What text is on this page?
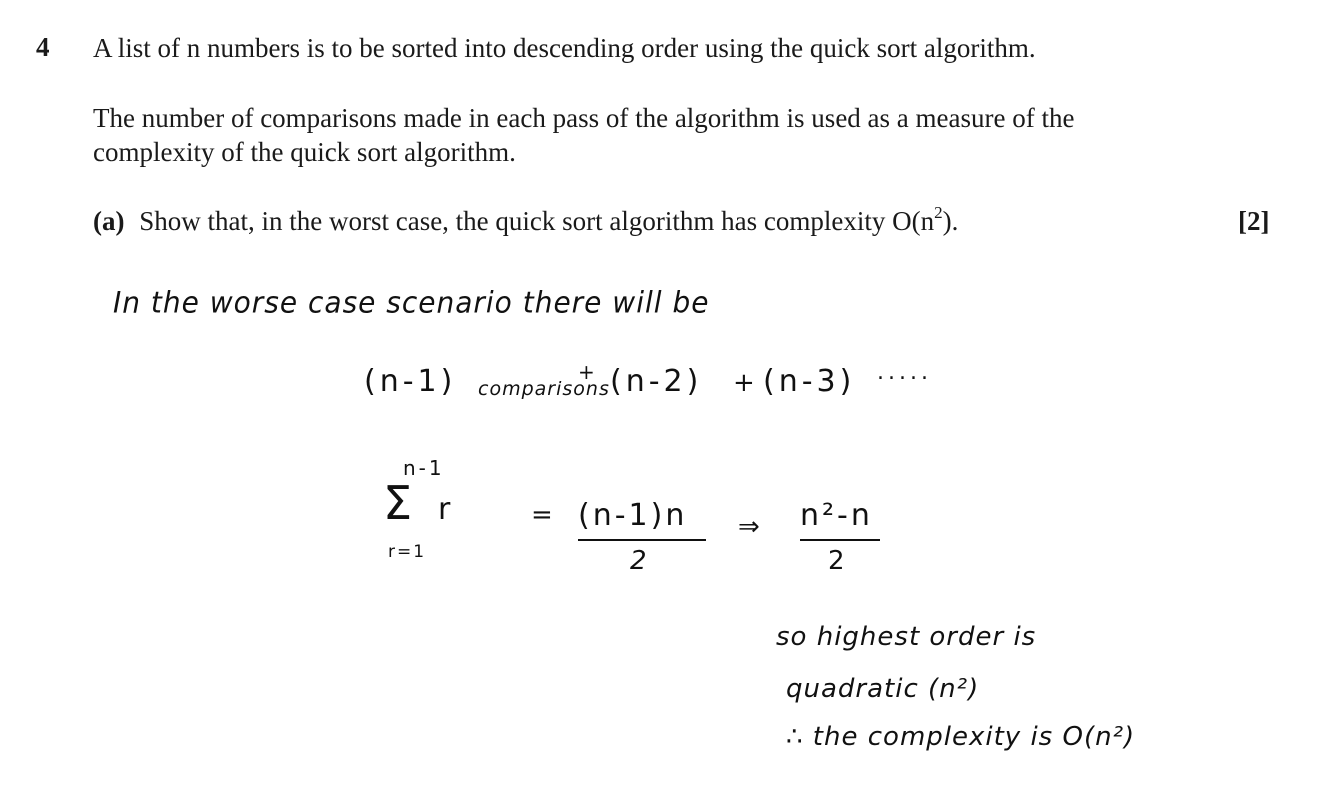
4 A list of n numbers is to be sorted into descending order using the quick sort algorithm.
The number of comparisons made in each pass of the algorithm is used as a measure of the
complexity of the quick sort algorithm.
(a) Show that, in the worst case, the quick sort algorithm has complexity $O(n^2)$.	[2]
In the worse case scenario there will be
(n-1) comparisons
+ (n-2) + (n-3) .....
n-1
Σ r
r=1
= (n-1)n
2
⇒ n²-n
2
so highest order is
quadratic (n²)
∴ the complexity is O(n²)
